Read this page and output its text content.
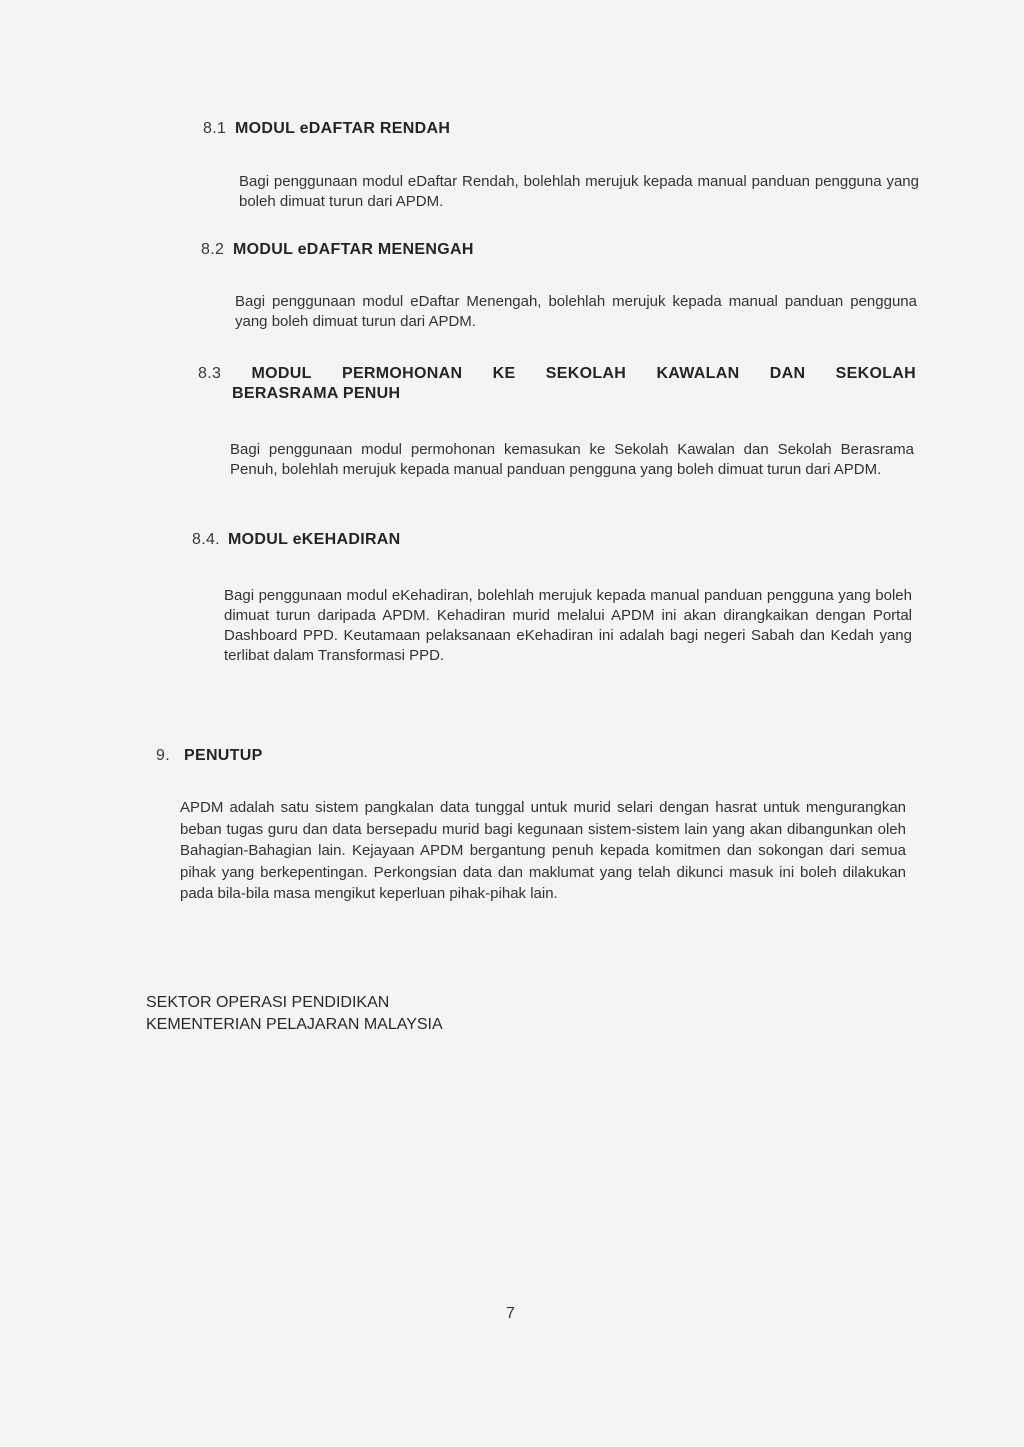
8.1 MODUL eDAFTAR RENDAH
Bagi penggunaan modul eDaftar Rendah, bolehlah merujuk kepada manual panduan pengguna yang boleh dimuat turun dari APDM.
8.2 MODUL eDAFTAR MENENGAH
Bagi penggunaan modul eDaftar Menengah, bolehlah merujuk kepada manual panduan pengguna yang boleh dimuat turun dari APDM.
8.3 MODUL PERMOHONAN KE SEKOLAH KAWALAN DAN SEKOLAH
BERASRAMA PENUH
Bagi penggunaan modul permohonan kemasukan ke Sekolah Kawalan dan Sekolah Berasrama Penuh, bolehlah merujuk kepada manual panduan pengguna yang boleh dimuat turun dari APDM.
8.4. MODUL eKEHADIRAN
Bagi penggunaan modul eKehadiran, bolehlah merujuk kepada manual panduan pengguna yang boleh dimuat turun daripada APDM. Kehadiran murid melalui APDM ini akan dirangkaikan dengan Portal Dashboard PPD. Keutamaan pelaksanaan eKehadiran ini adalah bagi negeri Sabah dan Kedah yang terlibat dalam Transformasi PPD.
9. PENUTUP
APDM adalah satu sistem pangkalan data tunggal untuk murid selari dengan hasrat untuk mengurangkan beban tugas guru dan data bersepadu murid bagi kegunaan sistem-sistem lain yang akan dibangunkan oleh Bahagian-Bahagian lain. Kejayaan APDM bergantung penuh kepada komitmen dan sokongan dari semua pihak yang berkepentingan. Perkongsian data dan maklumat yang telah dikunci masuk ini boleh dilakukan pada bila-bila masa mengikut keperluan pihak-pihak lain.
SEKTOR OPERASI PENDIDIKAN
KEMENTERIAN PELAJARAN MALAYSIA
7
